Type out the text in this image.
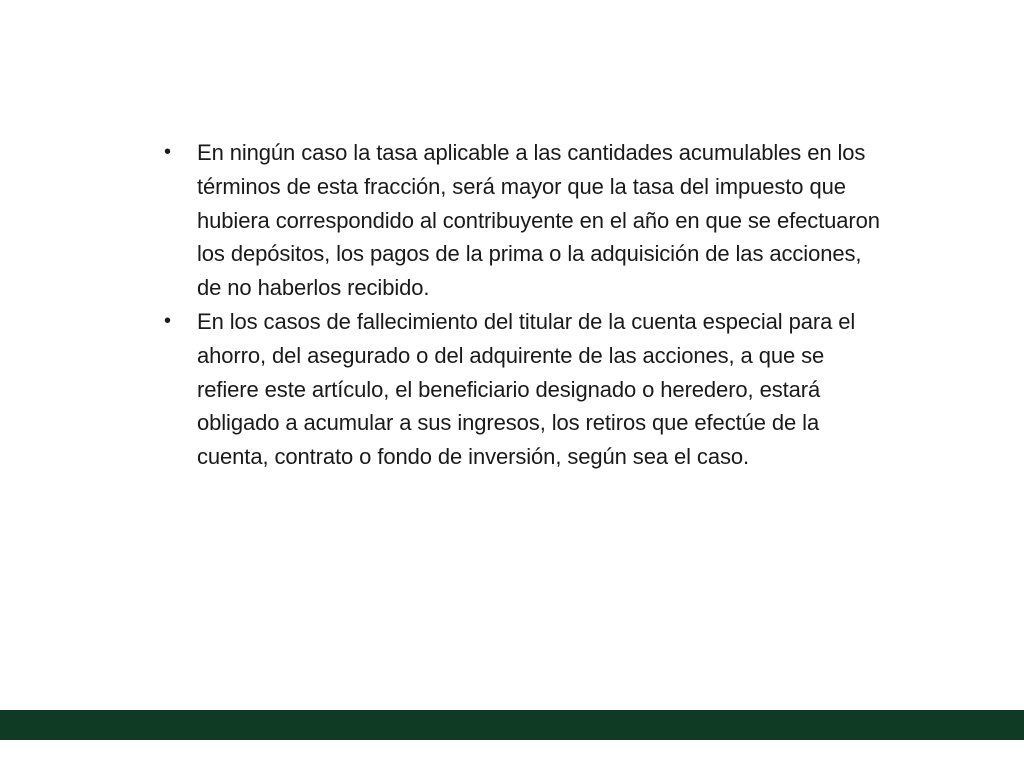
• En ningún caso la tasa aplicable a las cantidades acumulables en los términos de esta fracción, será mayor que la tasa del impuesto que hubiera correspondido al contribuyente en el año en que se efectuaron los depósitos, los pagos de la prima o la adquisición de las acciones, de no haberlos recibido.
• En los casos de fallecimiento del titular de la cuenta especial para el ahorro, del asegurado o del adquirente de las acciones, a que se refiere este artículo, el beneficiario designado o heredero, estará obligado a acumular a sus ingresos, los retiros que efectúe de la cuenta, contrato o fondo de inversión, según sea el caso.
